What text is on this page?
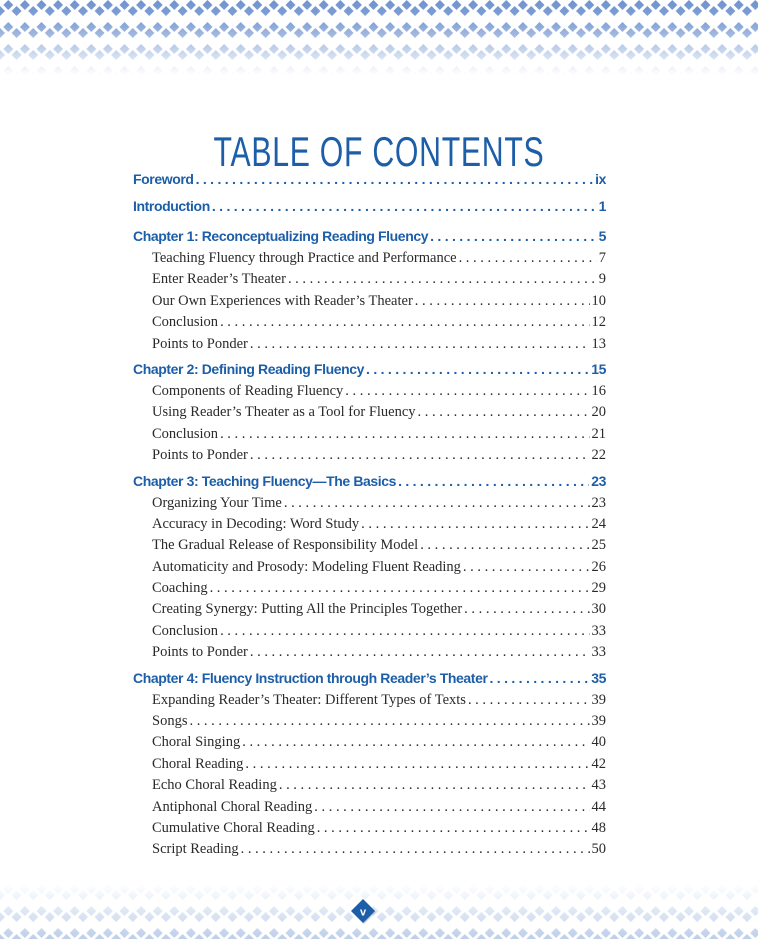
TABLE OF CONTENTS
Foreword .....	ix
Introduction .....	1
Chapter 1: Reconceptualizing Reading Fluency .....	5
Teaching Fluency through Practice and Performance .....	7
Enter Reader’s Theater .....	9
Our Own Experiences with Reader’s Theater .....	10
Conclusion .....	12
Points to Ponder .....	13
Chapter 2: Defining Reading Fluency .....	15
Components of Reading Fluency .....	16
Using Reader’s Theater as a Tool for Fluency .....	20
Conclusion .....	21
Points to Ponder .....	22
Chapter 3: Teaching Fluency—The Basics .....	23
Organizing Your Time .....	23
Accuracy in Decoding: Word Study .....	24
The Gradual Release of Responsibility Model .....	25
Automaticity and Prosody: Modeling Fluent Reading .....	26
Coaching .....	29
Creating Synergy: Putting All the Principles Together .....	30
Conclusion .....	33
Points to Ponder .....	33
Chapter 4: Fluency Instruction through Reader’s Theater .....	35
Expanding Reader’s Theater: Different Types of Texts .....	39
Songs .....	39
Choral Singing .....	40
Choral Reading .....	42
Echo Choral Reading .....	43
Antiphonal Choral Reading .....	44
Cumulative Choral Reading .....	48
Script Reading .....	50
v
